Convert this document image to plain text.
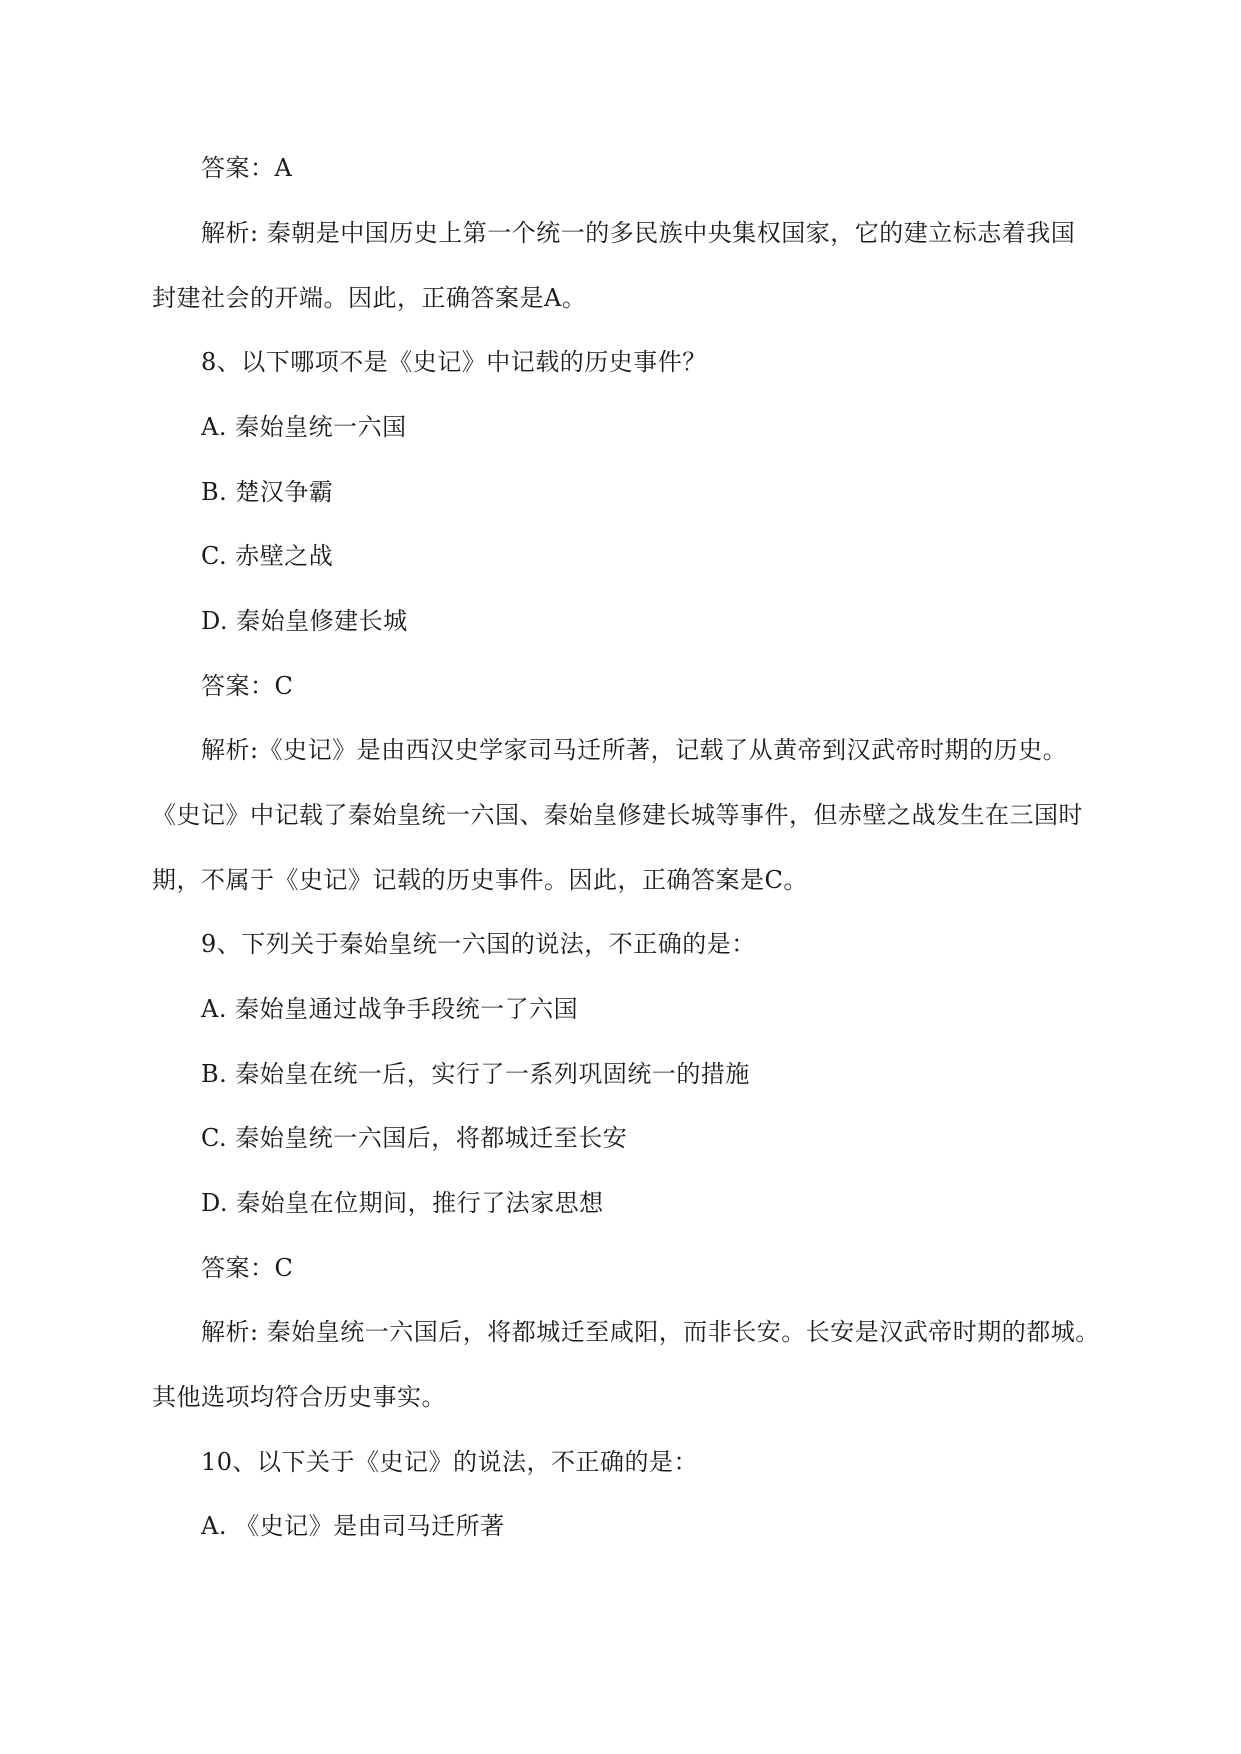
答案：A

解析: 秦朝是中国历史上第一个统一的多民族中央集权国家，它的建立标志着我国

封建社会的开端。因此，正确答案是A。

8、以下哪项不是《史记》中记载的历史事件？

A. 秦始皇统一六国

B. 楚汉争霸

C. 赤壁之战

D. 秦始皇修建长城

答案：C

解析:《史记》是由西汉史学家司马迁所著，记载了从黄帝到汉武帝时期的历史。

《史记》中记载了秦始皇统一六国、秦始皇修建长城等事件，但赤壁之战发生在三国时

期，不属于《史记》记载的历史事件。因此，正确答案是C。

9、下列关于秦始皇统一六国的说法，不正确的是：

A. 秦始皇通过战争手段统一了六国

B. 秦始皇在统一后，实行了一系列巩固统一的措施

C. 秦始皇统一六国后，将都城迁至长安

D. 秦始皇在位期间，推行了法家思想

答案：C

解析: 秦始皇统一六国后，将都城迁至咸阳，而非长安。长安是汉武帝时期的都城。

其他选项均符合历史事实。

10、以下关于《史记》的说法，不正确的是：

A. 《史记》是由司马迁所著
